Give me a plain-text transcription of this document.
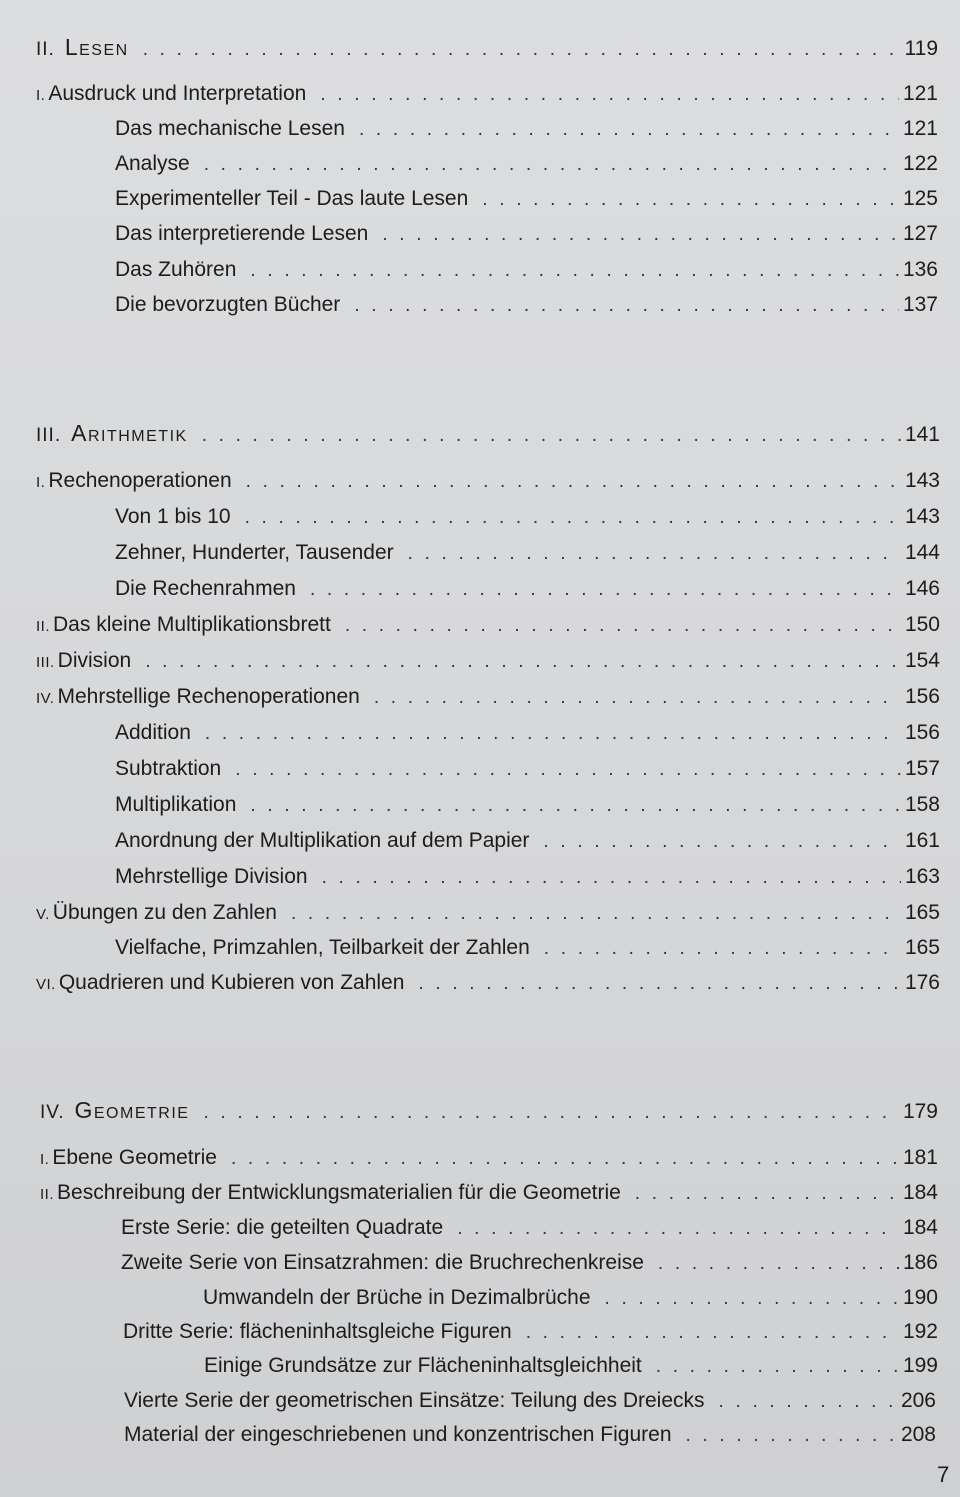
II. Lesen . . .	119
I. Ausdruck und Interpretation . . .	121
Das mechanische Lesen . . .	121
Analyse . . .	122
Experimenteller Teil - Das laute Lesen . . .	125
Das interpretierende Lesen . . .	127
Das Zuhören . . .	136
Die bevorzugten Bücher . . .	137
III. Arithmetik . . .	141
I. Rechenoperationen . . .	143
Von 1 bis 10 . . .	143
Zehner, Hunderter, Tausender . . .	144
Die Rechenrahmen . . .	146
II. Das kleine Multiplikationsbrett . . .	150
III. Division . . .	154
IV. Mehrstellige Rechenoperationen . . .	156
Addition . . .	156
Subtraktion . . .	157
Multiplikation . . .	158
Anordnung der Multiplikation auf dem Papier . . .	161
Mehrstellige Division . . .	163
V. Übungen zu den Zahlen . . .	165
Vielfache, Primzahlen, Teilbarkeit der Zahlen . . .	165
VI. Quadrieren und Kubieren von Zahlen . . .	176
IV. Geometrie . . .	179
I. Ebene Geometrie . . .	181
II. Beschreibung der Entwicklungsmaterialien für die Geometrie . . .	184
Erste Serie: die geteilten Quadrate . . .	184
Zweite Serie von Einsatzrahmen: die Bruchrechenkreise . . .	186
Umwandeln der Brüche in Dezimalbrüche . . .	190
Dritte Serie: flächeninhaltsgleiche Figuren . . .	192
Einige Grundsätze zur Flächeninhaltsgleichheit . . .	199
Vierte Serie der geometrischen Einsätze: Teilung des Dreiecks . . .	206
Material der eingeschriebenen und konzentrischen Figuren . . .	208
7
